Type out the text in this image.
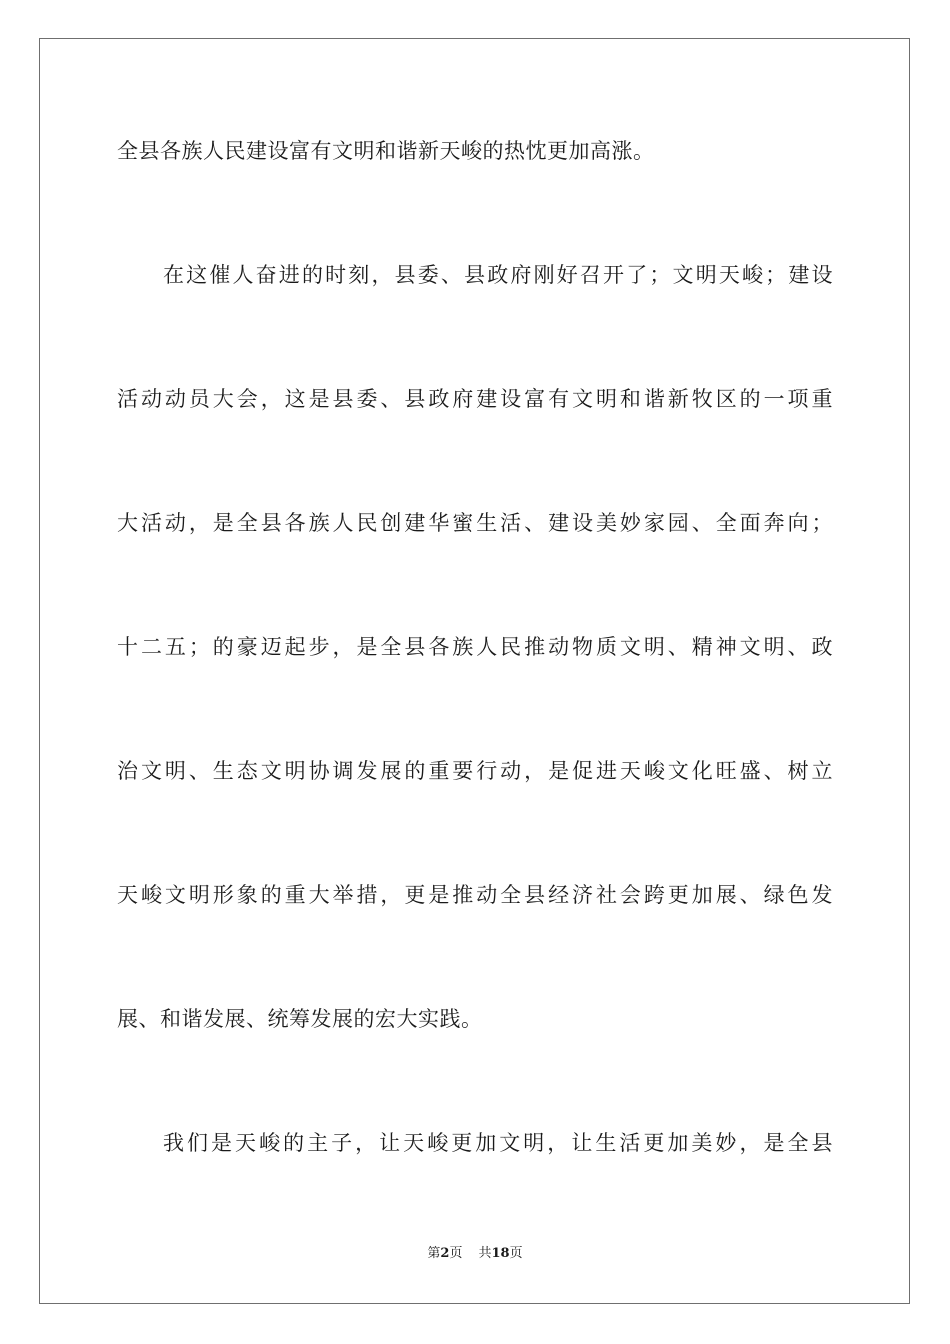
全县各族人民建设富有文明和谐新天峻的热忱更加高涨。
在这催人奋进的时刻，县委、县政府刚好召开了；文明天峻；建设
活动动员大会，这是县委、县政府建设富有文明和谐新牧区的一项重
大活动，是全县各族人民创建华蜜生活、建设美妙家园、全面奔向；
十二五；的豪迈起步，是全县各族人民推动物质文明、精神文明、政
治文明、生态文明协调发展的重要行动，是促进天峻文化旺盛、树立
天峻文明形象的重大举措，更是推动全县经济社会跨更加展、绿色发
展、和谐发展、统筹发展的宏大实践。
我们是天峻的主子，让天峻更加文明，让生活更加美妙，是全县
第2页 共18页
